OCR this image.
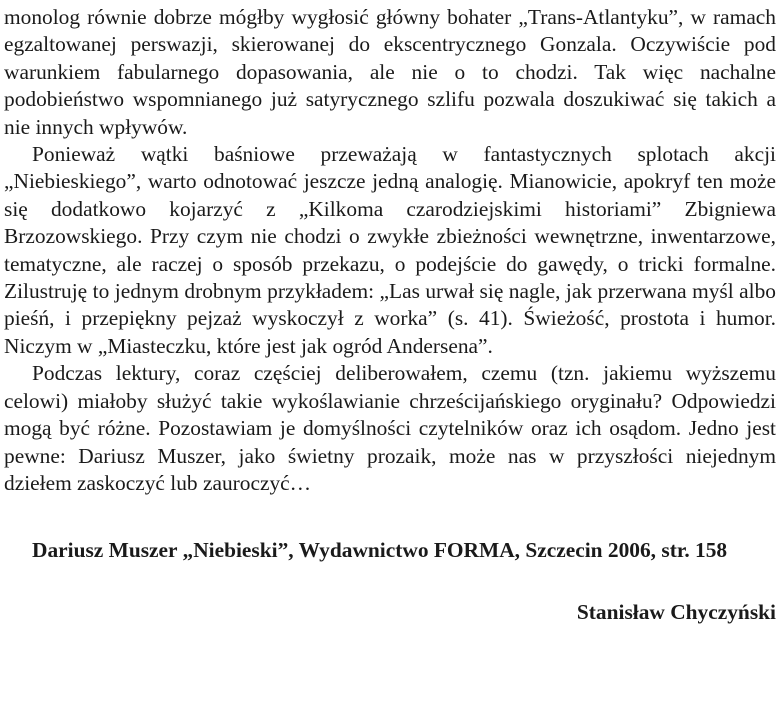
monolog równie dobrze mógłby wygłosić główny bohater „Trans-Atlantyku”, w ramach egzaltowanej perswazji, skierowanej do ekscentrycznego Gonzala. Oczywiście pod warunkiem fabularnego dopasowania, ale nie o to chodzi. Tak więc nachalne podobieństwo wspomnianego już satyrycznego szlifu pozwala doszukiwać się takich a nie innych wpływów.

Ponieważ wątki baśniowe przeważają w fantastycznych splotach akcji „Niebieskiego”, warto odnotować jeszcze jedną analogię. Mianowicie, apokryf ten może się dodatkowo kojarzyć z „Kilkoma czarodziejskimi historiami” Zbigniewa Brzozowskiego. Przy czym nie chodzi o zwykłe zbieżności wewnętrzne, inwentarzowe, tematyczne, ale raczej o sposób przekazu, o podejście do gawędy, o tricki formalne. Zilustruję to jednym drobnym przykładem: „Las urwał się nagle, jak przerwana myśl albo pieśń, i przepiękny pejzaż wyskoczył z worka” (s. 41). Świeżość, prostota i humor. Niczym w „Miasteczku, które jest jak ogród Andersena”.

Podczas lektury, coraz częściej deliberowałem, czemu (tzn. jakiemu wyższemu celowi) miałoby służyć takie wykoślawianie chrześcijańskiego oryginału? Odpowiedzi mogą być różne. Pozostawiam je domyślności czytelników oraz ich osądom. Jedno jest pewne: Dariusz Muszer, jako świetny prozaik, może nas w przyszłości niejednym dziełem zaskoczyć lub zauroczyć…

Dariusz Muszer „Niebieski”, Wydawnictwo FORMA, Szczecin 2006, str. 158

Stanisław Chyczyński
